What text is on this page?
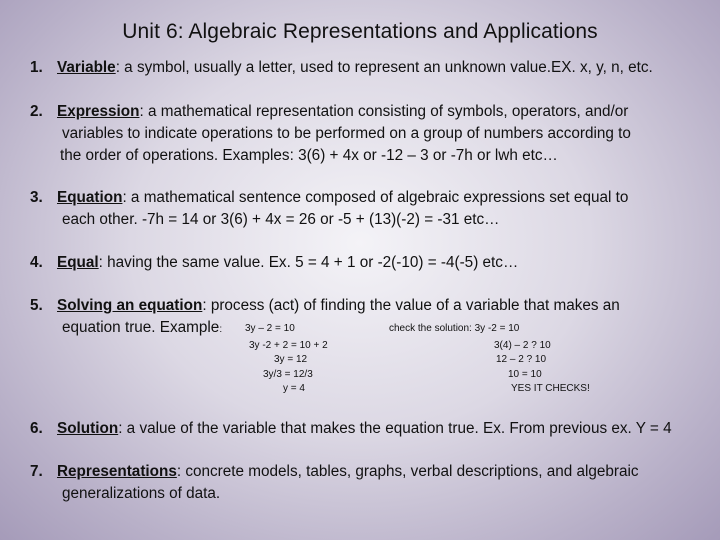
Unit 6: Algebraic Representations and Applications
1. Variable: a symbol, usually a letter, used to represent an unknown value.EX. x, y, n, etc.
2. Expression: a mathematical representation consisting of symbols, operators, and/or
variables to indicate operations to be performed on a group of numbers according to
the order of operations. Examples: 3(6) + 4x or -12 – 3 or -7h or lwh etc…
3. Equation: a mathematical sentence composed of algebraic expressions set equal to
each other. -7h = 14 or 3(6) + 4x = 26 or -5 + (13)(-2) = -31 etc…
4. Equal: having the same value. Ex. 5 = 4 + 1 or -2(-10) = -4(-5) etc…
5. Solving an equation: process (act) of finding the value of a variable that makes an
equation true. Example: 3y – 2 = 10
3y -2 + 2 = 10 + 2
3y = 12
3y/3 = 12/3
y = 4
check the solution: 3y -2 = 10
3(4) – 2 ? 10
12 – 2 ? 10
10 = 10
YES IT CHECKS!
6. Solution: a value of the variable that makes the equation true. Ex. From previous ex. Y = 4
7. Representations: concrete models, tables, graphs, verbal descriptions, and algebraic
generalizations of data.
